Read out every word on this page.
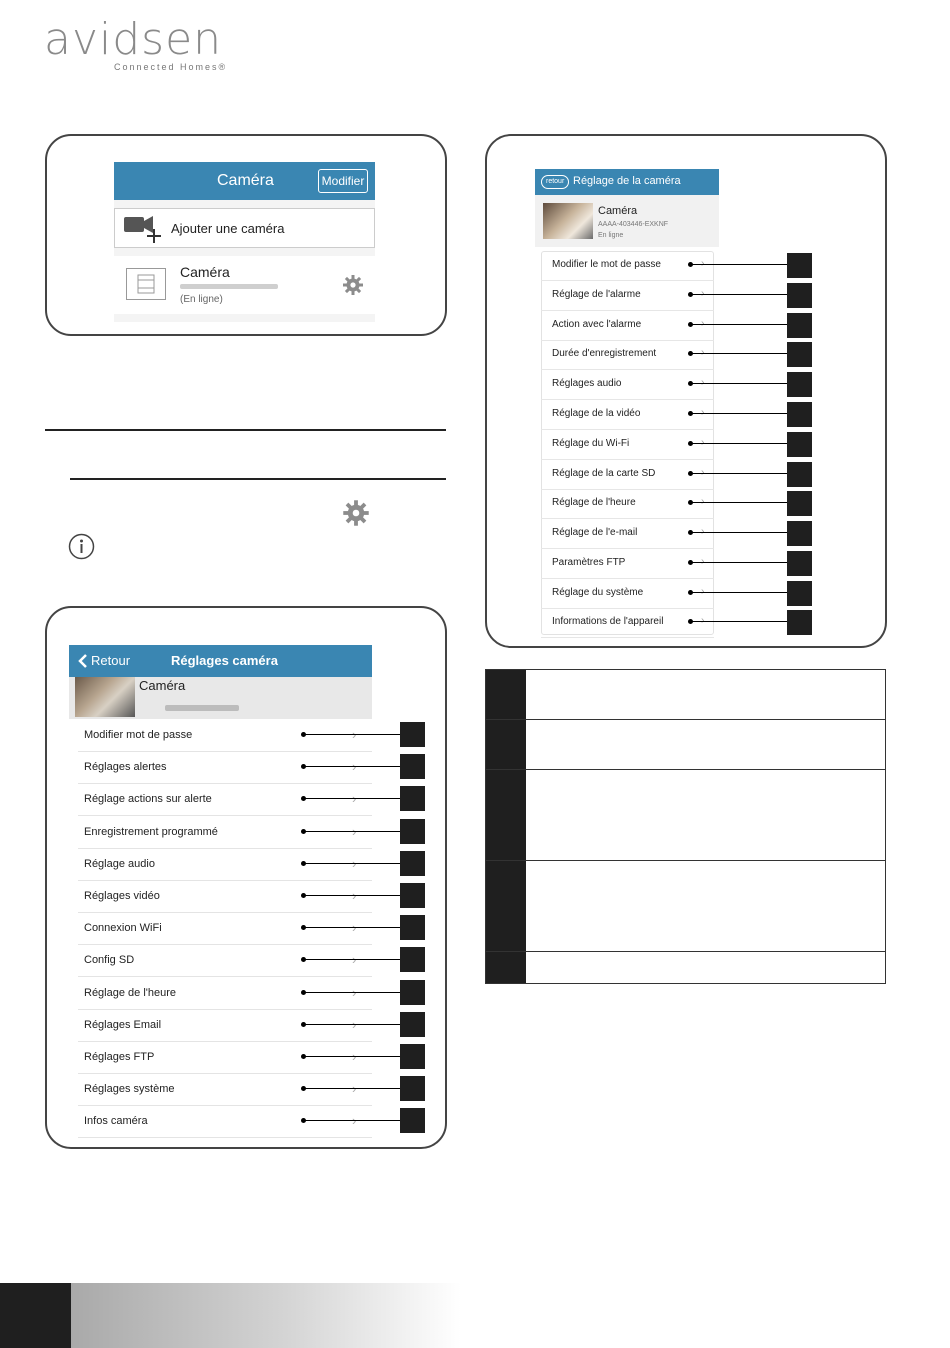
avidsen
Connected Homes®
Caméra	Modifier
Ajouter une caméra
Caméra
(En ligne)
Retour	Réglages caméra
Caméra
Modifier mot de passe
Réglages alertes
Réglage actions sur alerte
Enregistrement programmé
Réglage audio
Réglages vidéo
Connexion WiFi
Config SD
Réglage de l'heure
Réglages Email
Réglages FTP
Réglages système
Infos caméra
retour Réglage de la caméra
Caméra
AAAA-403446-EXKNF
En ligne
Modifier le mot de passe
Réglage de l'alarme
Action avec l'alarme
Durée d'enregistrement
Réglages audio
Réglage de la vidéo
Réglage du Wi-Fi
Réglage de la carte SD
Réglage de l'heure
Réglage de l'e-mail
Paramètres FTP
Réglage du système
Informations de l'appareil
